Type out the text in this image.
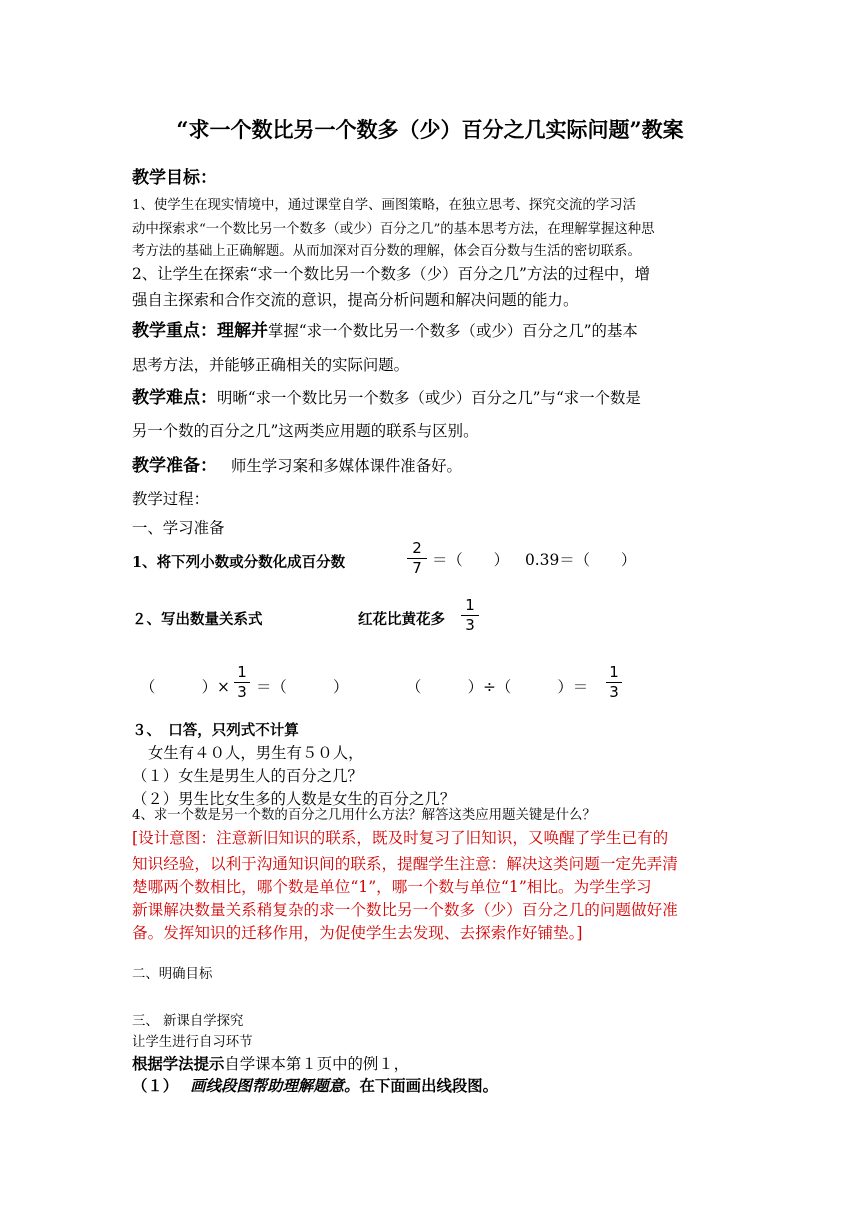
“求一个数比另一个数多（少）百分之几实际问题”教案
教学目标：
1、使学生在现实情境中，通过课堂自学、画图策略，在独立思考、探究交流的学习活
动中探索求“一个数比另一个数多（或少）百分之几”的基本思考方法，在理解掌握这种思
考方法的基础上正确解题。从而加深对百分数的理解，体会百分数与生活的密切联系。
2、让学生在探索“求一个数比另一个数多（少）百分之几”方法的过程中，增
强自主探索和合作交流的意识，提高分析问题和解决问题的能力。
教学重点：理解并掌握“求一个数比另一个数多（或少）百分之几”的基本
思考方法，并能够正确相关的实际问题。
教学难点：明晰“求一个数比另一个数多（或少）百分之几”与“求一个数是
另一个数的百分之几”这两类应用题的联系与区别。
教学准备： 师生学习案和多媒体课件准备好。
教学过程：
一、学习准备
1、将下列小数或分数化成百分数
2
7 ＝（　　） 0.39＝（　　）
２、写出数量关系式	红花比黄花多
1
3
（　　　）×
1
3 ＝（　　　）	（　　　）÷（　　　）＝
1
3
３、　口答，只列式不计算
女生有４０人，男生有５０人，
（１）女生是男生人的百分之几？
（２）男生比女生多的人数是女生的百分之几？
4、求一个数是另一个数的百分之几用什么方法？解答这类应用题关键是什么？
[设计意图：注意新旧知识的联系，既及时复习了旧知识，又唤醒了学生已有的
知识经验，以利于沟通知识间的联系，提醒学生注意：解决这类问题一定先弄清
楚哪两个数相比，哪个数是单位“1”，哪一个数与单位“1”相比。为学生学习
新课解决数量关系稍复杂的求一个数比另一个数多（少）百分之几的问题做好准
备。发挥知识的迁移作用，为促使学生去发现、去探索作好铺垫。]
二、明确目标
三、 新课自学探究
让学生进行自习环节
根据学法提示自学课本第１页中的例１，
（１） 画线段图帮助理解题意。在下面画出线段图。
